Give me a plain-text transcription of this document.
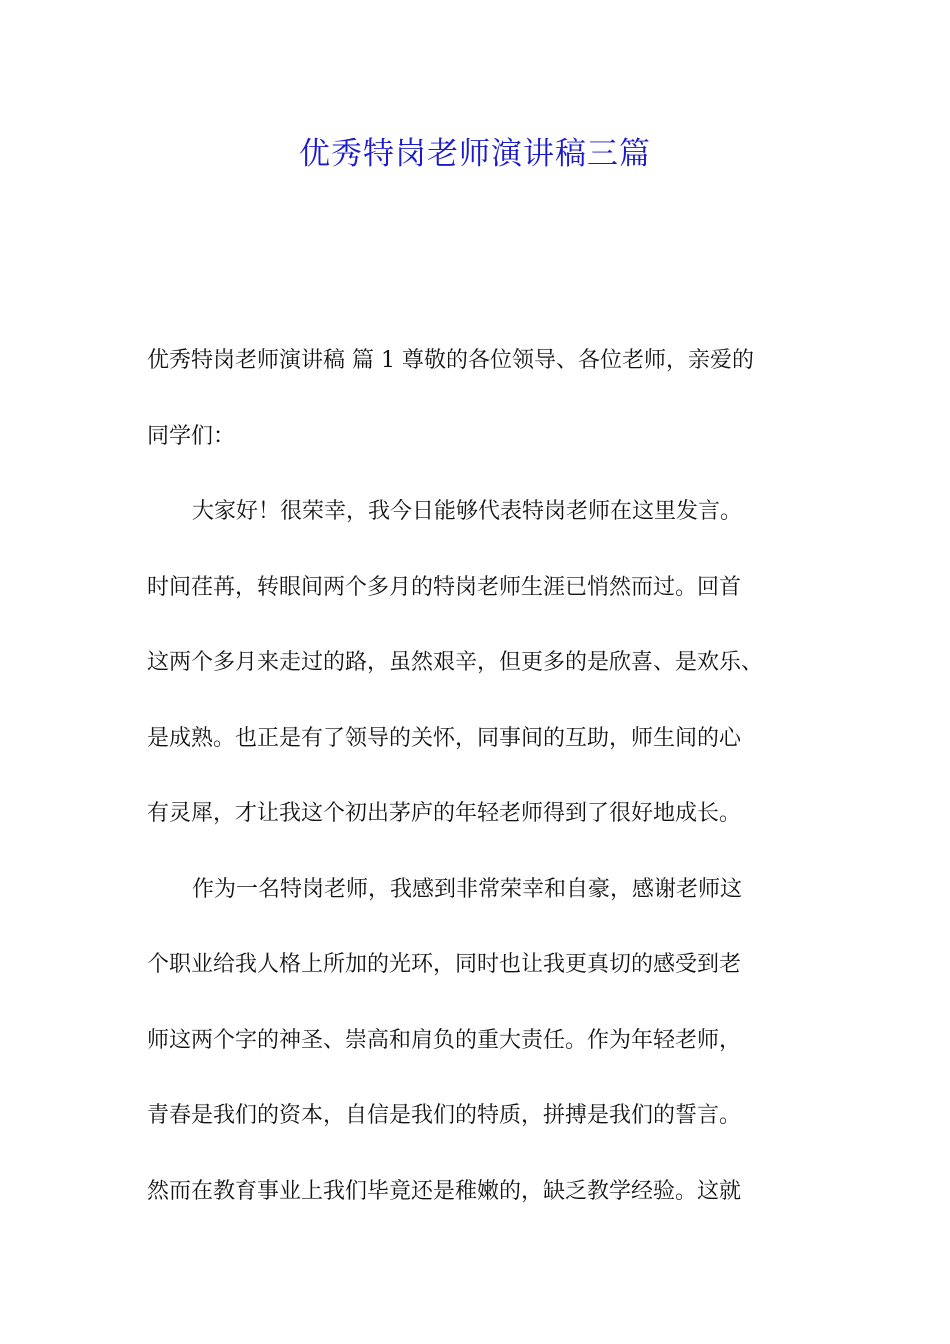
优秀特岗老师演讲稿三篇
优秀特岗老师演讲稿 篇 1 尊敬的各位领导、各位老师，亲爱的
同学们：
大家好！很荣幸，我今日能够代表特岗老师在这里发言。
时间荏苒，转眼间两个多月的特岗老师生涯已悄然而过。回首
这两个多月来走过的路，虽然艰辛，但更多的是欣喜、是欢乐、
是成熟。也正是有了领导的关怀，同事间的互助，师生间的心
有灵犀，才让我这个初出茅庐的年轻老师得到了很好地成长。
作为一名特岗老师，我感到非常荣幸和自豪，感谢老师这
个职业给我人格上所加的光环，同时也让我更真切的感受到老
师这两个字的神圣、崇高和肩负的重大责任。作为年轻老师，
青春是我们的资本，自信是我们的特质，拼搏是我们的誓言。
然而在教育事业上我们毕竟还是稚嫩的，缺乏教学经验。这就
